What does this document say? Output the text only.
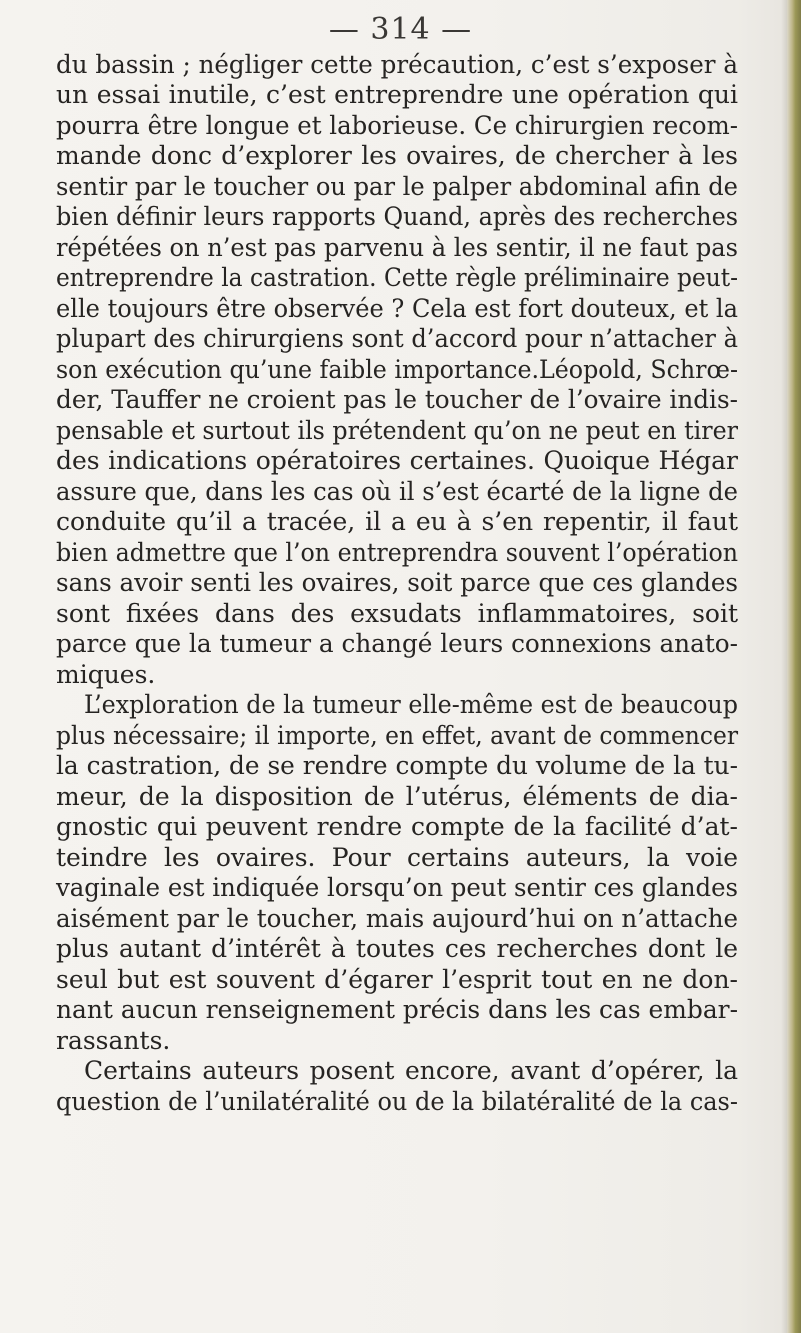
— 314 —
du bassin ; négliger cette précaution, c’est s’exposer à
un essai inutile, c’est entreprendre une opération qui
pourra être longue et laborieuse. Ce chirurgien recom-
mande donc d’explorer les ovaires, de chercher à les
sentir par le toucher ou par le palper abdominal afin de
bien définir leurs rapports Quand, après des recherches
répétées on n’est pas parvenu à les sentir, il ne faut pas
entreprendre la castration. Cette règle préliminaire peut-
elle toujours être observée ? Cela est fort douteux, et la
plupart des chirurgiens sont d’accord pour n’attacher à
son exécution qu’une faible importance.Léopold, Schrœ-
der, Tauffer ne croient pas le toucher de l’ovaire indis-
pensable et surtout ils prétendent qu’on ne peut en tirer
des indications opératoires certaines. Quoique Hégar
assure que, dans les cas où il s’est écarté de la ligne de
conduite qu’il a tracée, il a eu à s’en repentir, il faut
bien admettre que l’on entreprendra souvent l’opération
sans avoir senti les ovaires, soit parce que ces glandes
sont fixées dans des exsudats inflammatoires, soit
parce que la tumeur a changé leurs connexions anato-
miques.
L’exploration de la tumeur elle-même est de beaucoup
plus nécessaire; il importe, en effet, avant de commencer
la castration, de se rendre compte du volume de la tu-
meur, de la disposition de l’utérus, éléments de dia-
gnostic qui peuvent rendre compte de la facilité d’at-
teindre les ovaires. Pour certains auteurs, la voie
vaginale est indiquée lorsqu’on peut sentir ces glandes
aisément par le toucher, mais aujourd’hui on n’attache
plus autant d’intérêt à toutes ces recherches dont le
seul but est souvent d’égarer l’esprit tout en ne don-
nant aucun renseignement précis dans les cas embar-
rassants.
Certains auteurs posent encore, avant d’opérer, la
question de l’unilatéralité ou de la bilatéralité de la cas-
